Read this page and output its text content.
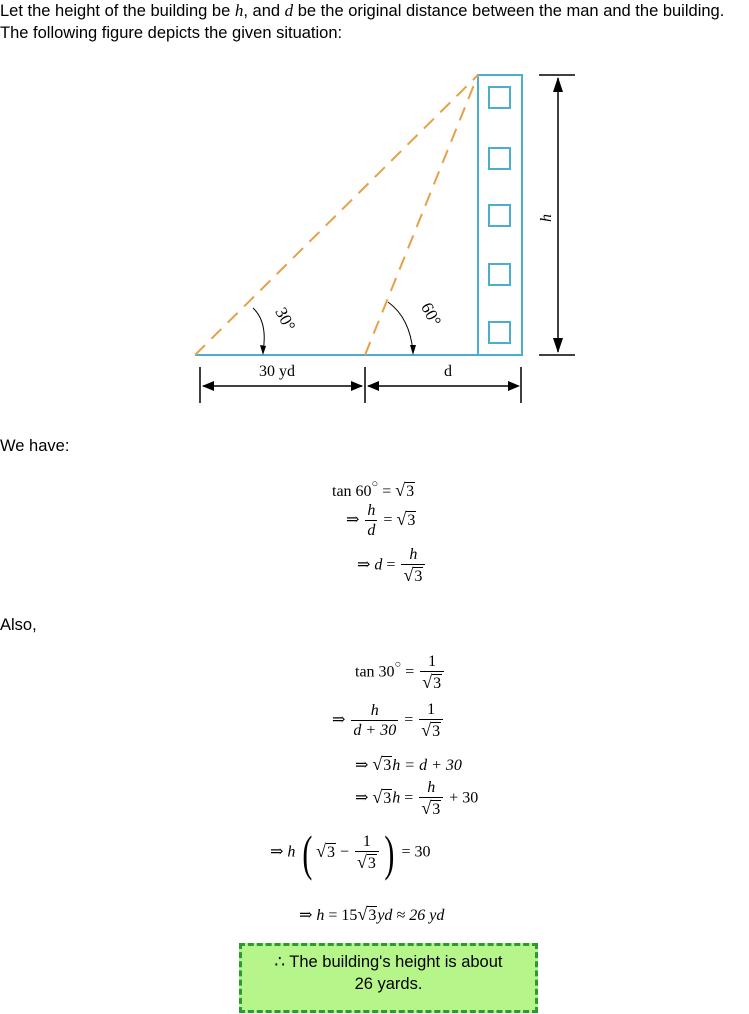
Let the height of the building be h, and d be the original distance between the man and the building. The following figure depicts the given situation:
30°	60°
30 yd	d
h
We have:
tan 60○ = √3
⇒ $\frac{h}{d} = √3$
⇒ $d = \frac{h}{√3}$
Also,
$\tan 30^○ = \frac{1}{√3}$
⇒ $\frac{h}{d + 30} = \frac{1}{√3}$
⇒ √3h = d + 30
⇒ $√3h = \frac{h}{√3} + 30$
⇒ h ( $√3 - \frac{1}{√3}$ ) = 30
⇒ h = 15√3yd ≈ 26 yd
∴ The building's height is about
26 yards.
